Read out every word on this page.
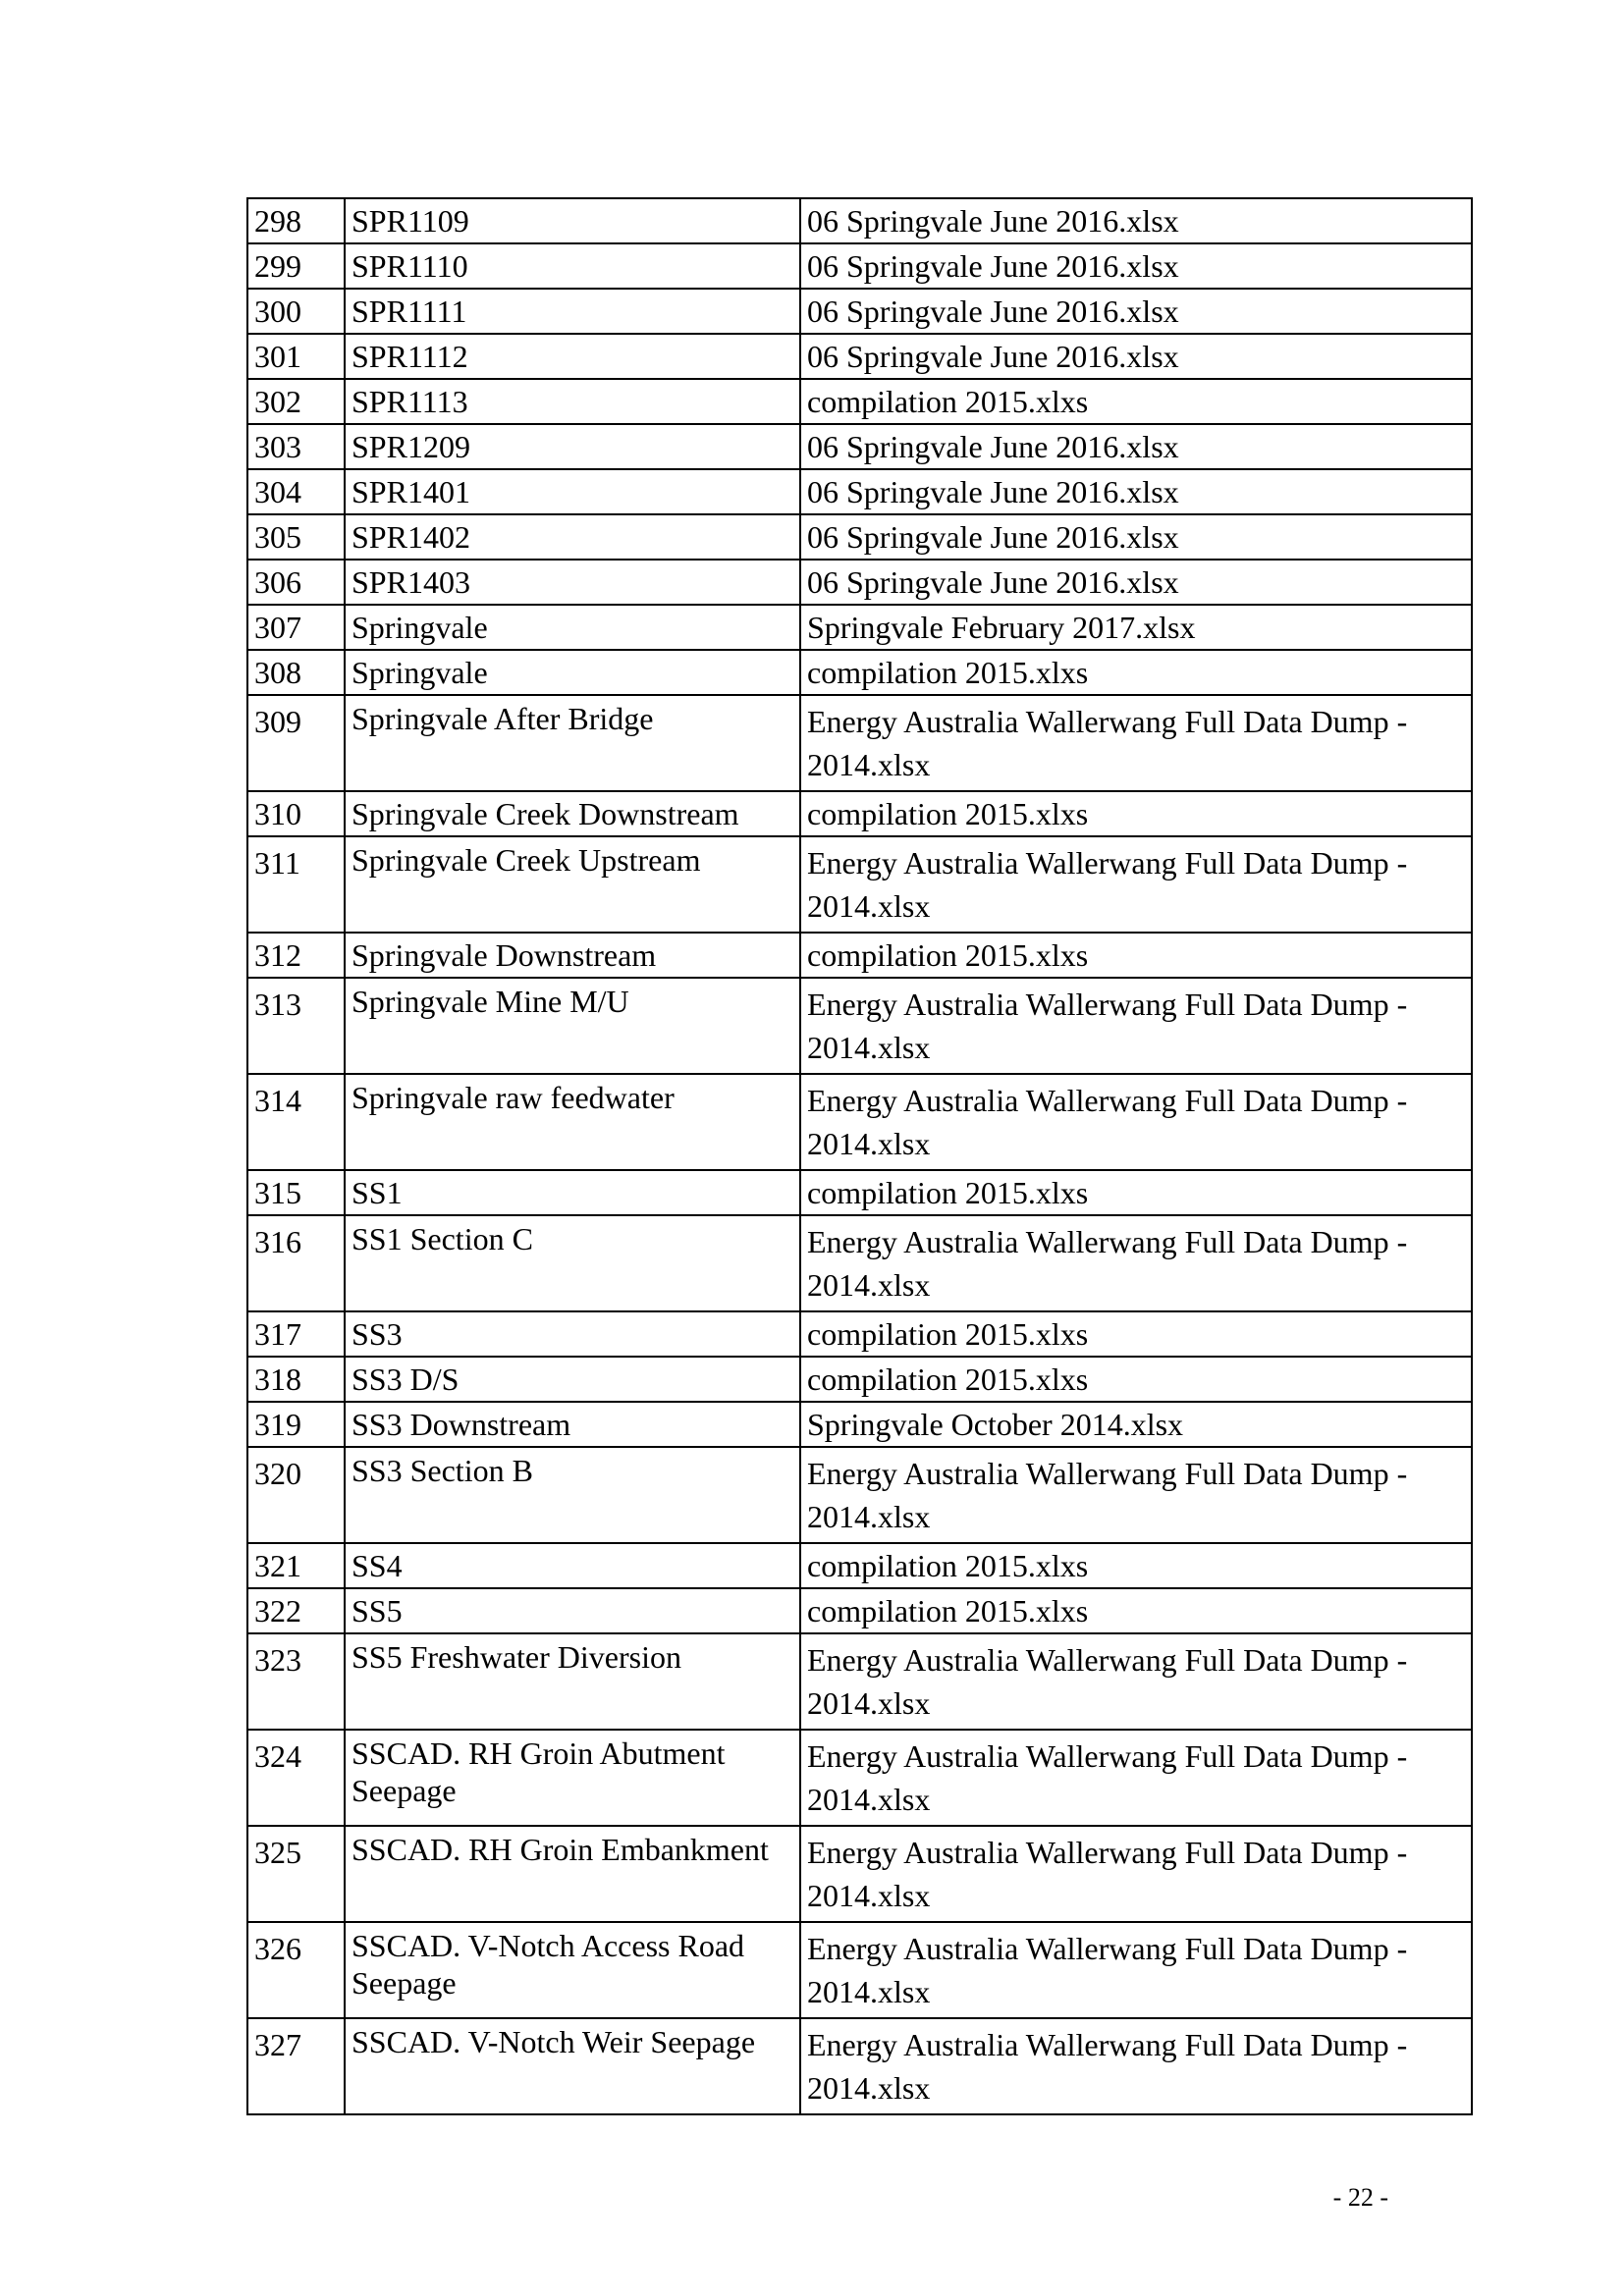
298	SPR1109	06 Springvale June 2016.xlsx
299	SPR1110	06 Springvale June 2016.xlsx
300	SPR1111	06 Springvale June 2016.xlsx
301	SPR1112	06 Springvale June 2016.xlsx
302	SPR1113	compilation 2015.xlxs
303	SPR1209	06 Springvale June 2016.xlsx
304	SPR1401	06 Springvale June 2016.xlsx
305	SPR1402	06 Springvale June 2016.xlsx
306	SPR1403	06 Springvale June 2016.xlsx
307	Springvale	Springvale February 2017.xlsx
308	Springvale	compilation 2015.xlxs
309	Springvale After Bridge	Energy Australia Wallerwang Full Data Dump - 2014.xlsx
310	Springvale Creek Downstream	compilation 2015.xlxs
311	Springvale Creek Upstream	Energy Australia Wallerwang Full Data Dump - 2014.xlsx
312	Springvale Downstream	compilation 2015.xlxs
313	Springvale Mine M/U	Energy Australia Wallerwang Full Data Dump - 2014.xlsx
314	Springvale raw feedwater	Energy Australia Wallerwang Full Data Dump - 2014.xlsx
315	SS1	compilation 2015.xlxs
316	SS1 Section C	Energy Australia Wallerwang Full Data Dump - 2014.xlsx
317	SS3	compilation 2015.xlxs
318	SS3 D/S	compilation 2015.xlxs
319	SS3 Downstream	Springvale October 2014.xlsx
320	SS3 Section B	Energy Australia Wallerwang Full Data Dump - 2014.xlsx
321	SS4	compilation 2015.xlxs
322	SS5	compilation 2015.xlxs
323	SS5 Freshwater Diversion	Energy Australia Wallerwang Full Data Dump - 2014.xlsx
324	SSCAD. RH Groin Abutment Seepage	Energy Australia Wallerwang Full Data Dump - 2014.xlsx
325	SSCAD. RH Groin Embankment	Energy Australia Wallerwang Full Data Dump - 2014.xlsx
326	SSCAD. V-Notch Access Road Seepage	Energy Australia Wallerwang Full Data Dump - 2014.xlsx
327	SSCAD. V-Notch Weir Seepage	Energy Australia Wallerwang Full Data Dump - 2014.xlsx
- 22 -
